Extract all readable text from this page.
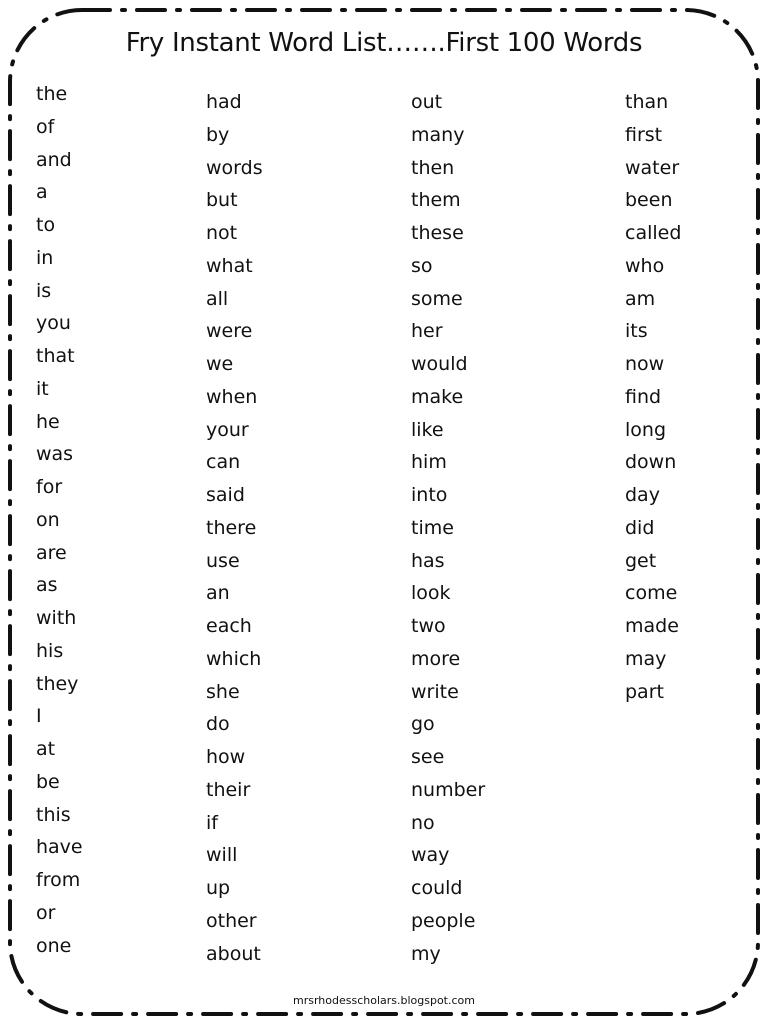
Fry Instant Word List…….First 100 Words
the
of
and
a
to
in
is
you
that
it
he
was
for
on
are
as
with
his
they
I
at
be
this
have
from
or
one
had
by
words
but
not
what
all
were
we
when
your
can
said
there
use
an
each
which
she
do
how
their
if
will
up
other
about
out
many
then
them
these
so
some
her
would
make
like
him
into
time
has
look
two
more
write
go
see
number
no
way
could
people
my
than
first
water
been
called
who
am
its
now
find
long
down
day
did
get
come
made
may
part
mrsrhodesscholars.blogspot.com
